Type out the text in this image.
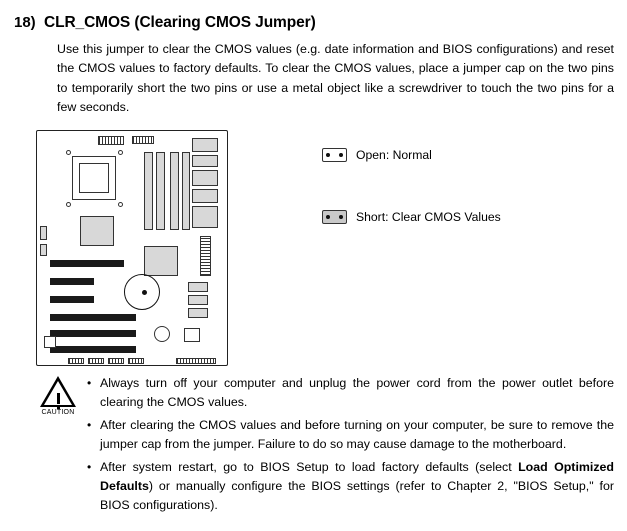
18) CLR_CMOS (Clearing CMOS Jumper)
Use this jumper to clear the CMOS values (e.g. date information and BIOS configurations) and reset the CMOS values to factory defaults. To clear the CMOS values, place a jumper cap on the two pins to temporarily short the two pins or use a metal object like a screwdriver to touch the two pins for a few seconds.
Open: Normal
Short: Clear CMOS Values
CAUTION
• Always turn off your computer and unplug the power cord from the power outlet before clearing the CMOS values.
• After clearing the CMOS values and before turning on your computer, be sure to remove the jumper cap from the jumper. Failure to do so may cause damage to the motherboard.
• After system restart, go to BIOS Setup to load factory defaults (select Load Optimized Defaults) or manually configure the BIOS settings (refer to Chapter 2, "BIOS Setup," for BIOS configurations).
